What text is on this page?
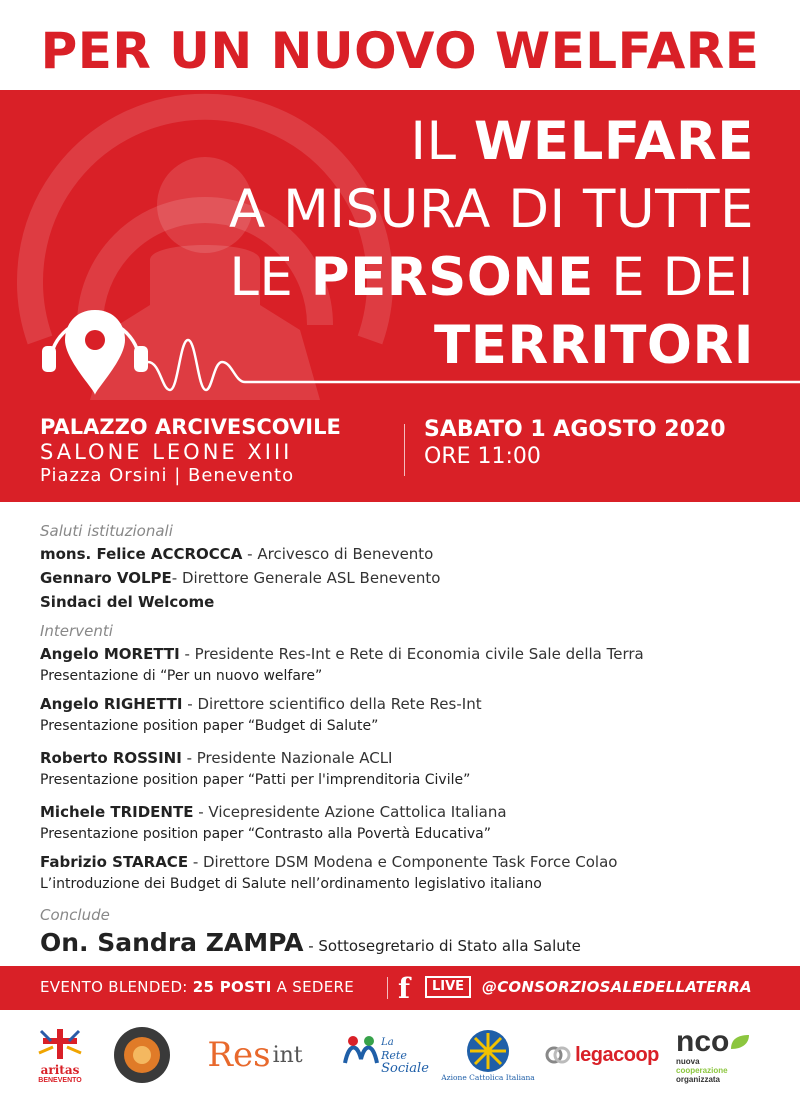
PER UN NUOVO WELFARE
IL WELFARE
A MISURA DI TUTTE
LE PERSONE E DEI
TERRITORI
PALAZZO ARCIVESCOVILE
SALONE LEONE XIII
Piazza Orsini | Benevento
SABATO 1 AGOSTO 2020
ORE 11:00
Saluti istituzionali
mons. Felice ACCROCCA - Arcivesco di Benevento
Gennaro VOLPE- Direttore Generale ASL Benevento
Sindaci del Welcome
Interventi
Angelo MORETTI - Presidente Res-Int e Rete di Economia civile Sale della Terra
Presentazione di “Per un nuovo welfare”
Angelo RIGHETTI - Direttore scientifico della Rete Res-Int
Presentazione position paper “Budget di Salute”
Roberto ROSSINI - Presidente Nazionale ACLI
Presentazione position paper “Patti per l'imprenditoria Civile”
Michele TRIDENTE - Vicepresidente Azione Cattolica Italiana
Presentazione position paper “Contrasto alla Povertà Educativa”
Fabrizio STARACE - Direttore DSM Modena e Componente Task Force Colao
L’introduzione dei Budget di Salute nell’ordinamento legislativo italiano
Conclude
On. Sandra ZAMPA - Sottosegretario di Stato alla Salute
EVENTO BLENDED: 25 POSTI A SEDERE f	LIVE	@CONSORZIOSALEDELLATERRA
aritas
BENEVENTO
Res int
La
Rete
Sociale
Azione Cattolica Italiana
legacoop nco
nuova
cooperazione
organizzata
